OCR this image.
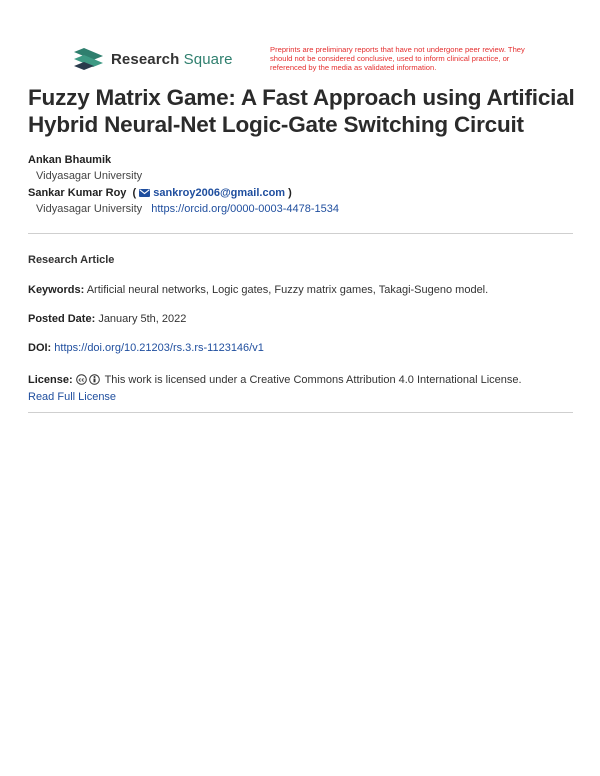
Research Square
Preprints are preliminary reports that have not undergone peer review. They should not be considered conclusive, used to inform clinical practice, or referenced by the media as validated information.
Fuzzy Matrix Game: A Fast Approach using Artificial Hybrid Neural-Net Logic-Gate Switching Circuit
Ankan Bhaumik
Vidyasagar University
Sankar Kumar Roy  ( sankroy2006@gmail.com )
Vidyasagar University https://orcid.org/0000-0003-4478-1534
Research Article
Keywords: Artificial neural networks, Logic gates, Fuzzy matrix games, Takagi-Sugeno model.
Posted Date: January 5th, 2022
DOI: https://doi.org/10.21203/rs.3.rs-1123146/v1
License: cc This work is licensed under a Creative Commons Attribution 4.0 International License.
Read Full License
